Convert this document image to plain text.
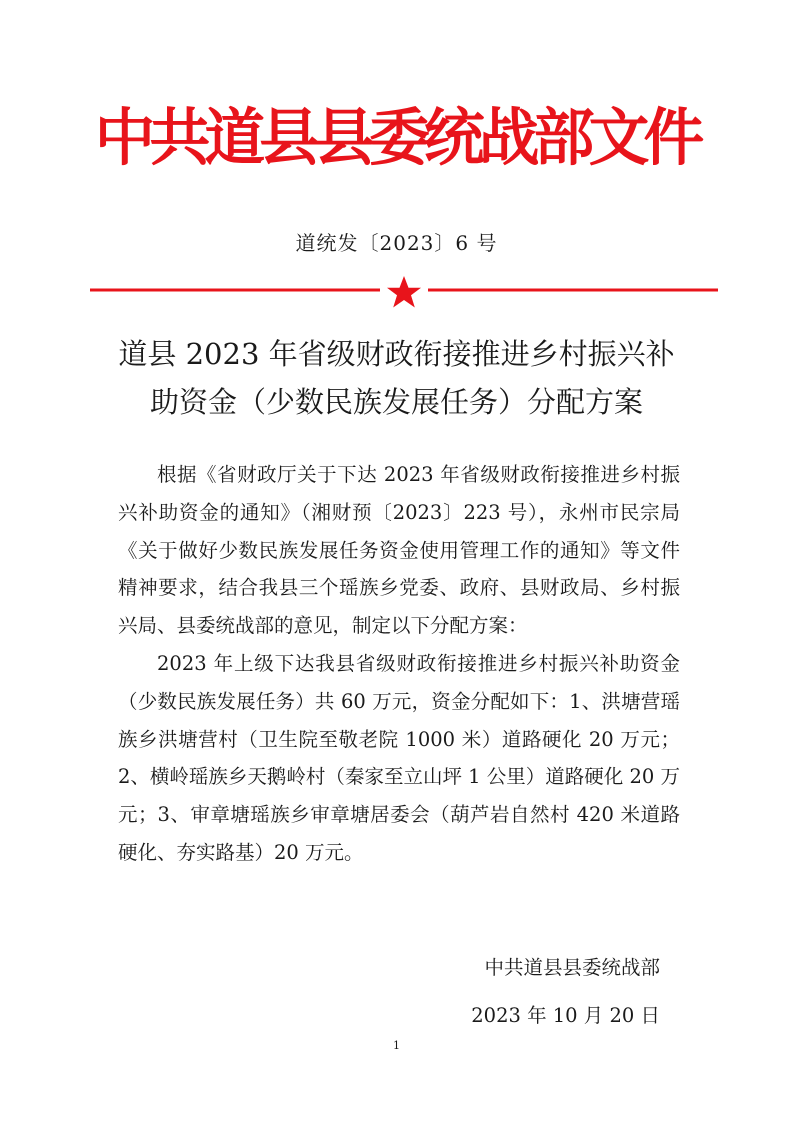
中共道县县委统战部文件
道统发〔2023〕6 号
道县 2023 年省级财政衔接推进乡村振兴补
助资金（少数民族发展任务）分配方案

根据《省财政厅关于下达 2023 年省级财政衔接推进乡村振兴补助资金的通知》（湘财预〔2023〕223 号），永州市民宗局《关于做好少数民族发展任务资金使用管理工作的通知》等文件精神要求，结合我县三个瑶族乡党委、政府、县财政局、乡村振兴局、县委统战部的意见，制定以下分配方案：

2023 年上级下达我县省级财政衔接推进乡村振兴补助资金（少数民族发展任务）共 60 万元，资金分配如下：1、洪塘营瑶族乡洪塘营村（卫生院至敬老院 1000 米）道路硬化 20 万元；2、横岭瑶族乡天鹅岭村（秦家至立山坪 1 公里）道路硬化 20 万元；3、审章塘瑶族乡审章塘居委会（葫芦岩自然村 420 米道路硬化、夯实路基）20 万元。

中共道县县委统战部
2023 年 10 月 20 日
1
